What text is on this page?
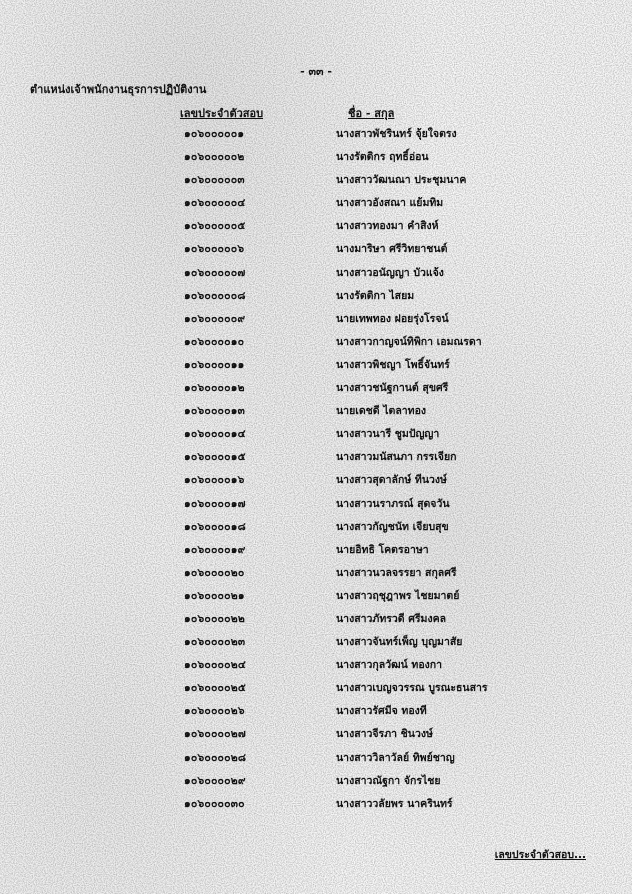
- ๓๓ -
ตำแหน่งเจ้าพนักงานธุรการปฏิบัติงาน
เลขประจำตัวสอบ	ชื่อ - สกุล
๑๐๖๐๐๐๐๐๑	นางสาวพัชรินทร์ จุ้ยใจตรง
๑๐๖๐๐๐๐๐๒	นางรัตติกร ฤทธิ์อ่อน
๑๐๖๐๐๐๐๐๓	นางสาววัฒนณา ประชุมนาค
๑๐๖๐๐๐๐๐๔	นางสาวอังสณา แย้มทิม
๑๐๖๐๐๐๐๐๕	นางสาวทองมา คำสิงห์
๑๐๖๐๐๐๐๐๖	นางมาริษา ศรีวิทยาชนต์
๑๐๖๐๐๐๐๐๗	นางสาวอนัญญา บัวแจ้ง
๑๐๖๐๐๐๐๐๘	นางรัตติกา ไสยม
๑๐๖๐๐๐๐๐๙	นายเทพทอง ฝอยรุ่งโรจน์
๑๐๖๐๐๐๐๑๐	นางสาวกาญจน์ทิพิกา เอมณรดา
๑๐๖๐๐๐๐๑๑	นางสาวพิชญา โพธิ์จันทร์
๑๐๖๐๐๐๐๑๒	นางสาวชนัฐกานต์ สุขศรี
๑๐๖๐๐๐๐๑๓	นายเดชดี ไตลาทอง
๑๐๖๐๐๐๐๑๔	นางสาวนารี ชูมปัญญา
๑๐๖๐๐๐๐๑๕	นางสาวมนัสนภา กรรเจียก
๑๐๖๐๐๐๐๑๖	นางสาวสุดาลักษ์ ทีนวงษ์
๑๐๖๐๐๐๐๑๗	นางสาวนราภรณ์ สุดจวัน
๑๐๖๐๐๐๐๑๘	นางสาวกัญชนัท เจียบสุข
๑๐๖๐๐๐๐๑๙	นายอิทธิ โคตรอาษา
๑๐๖๐๐๐๐๒๐	นางสาวนวลจรรยา สกุลศรี
๑๐๖๐๐๐๐๒๑	นางสาวฤชุฎาพร ไชยมาตย์
๑๐๖๐๐๐๐๒๒	นางสาวภัทรวดี ศรีมงคล
๑๐๖๐๐๐๐๒๓	นางสาวจันทร์เพ็ญ บุญมาสัย
๑๐๖๐๐๐๐๒๔	นางสาวกุลวัฒน์ ทองกา
๑๐๖๐๐๐๐๒๕	นางสาวเบญจวรรณ บูรณะธนสาร
๑๐๖๐๐๐๐๒๖	นางสาวรัศมีจ ทองที
๑๐๖๐๐๐๐๒๗	นางสาวจีรภา ชินวงษ์
๑๐๖๐๐๐๐๒๘	นางสาววิลาวัลย์ ทิพย์ชาญ
๑๐๖๐๐๐๐๒๙	นางสาวณัฐกา จักรไชย
๑๐๖๐๐๐๐๓๐	นางสาววลัยพร นาครินทร์
เลขประจำตัวสอบ...
